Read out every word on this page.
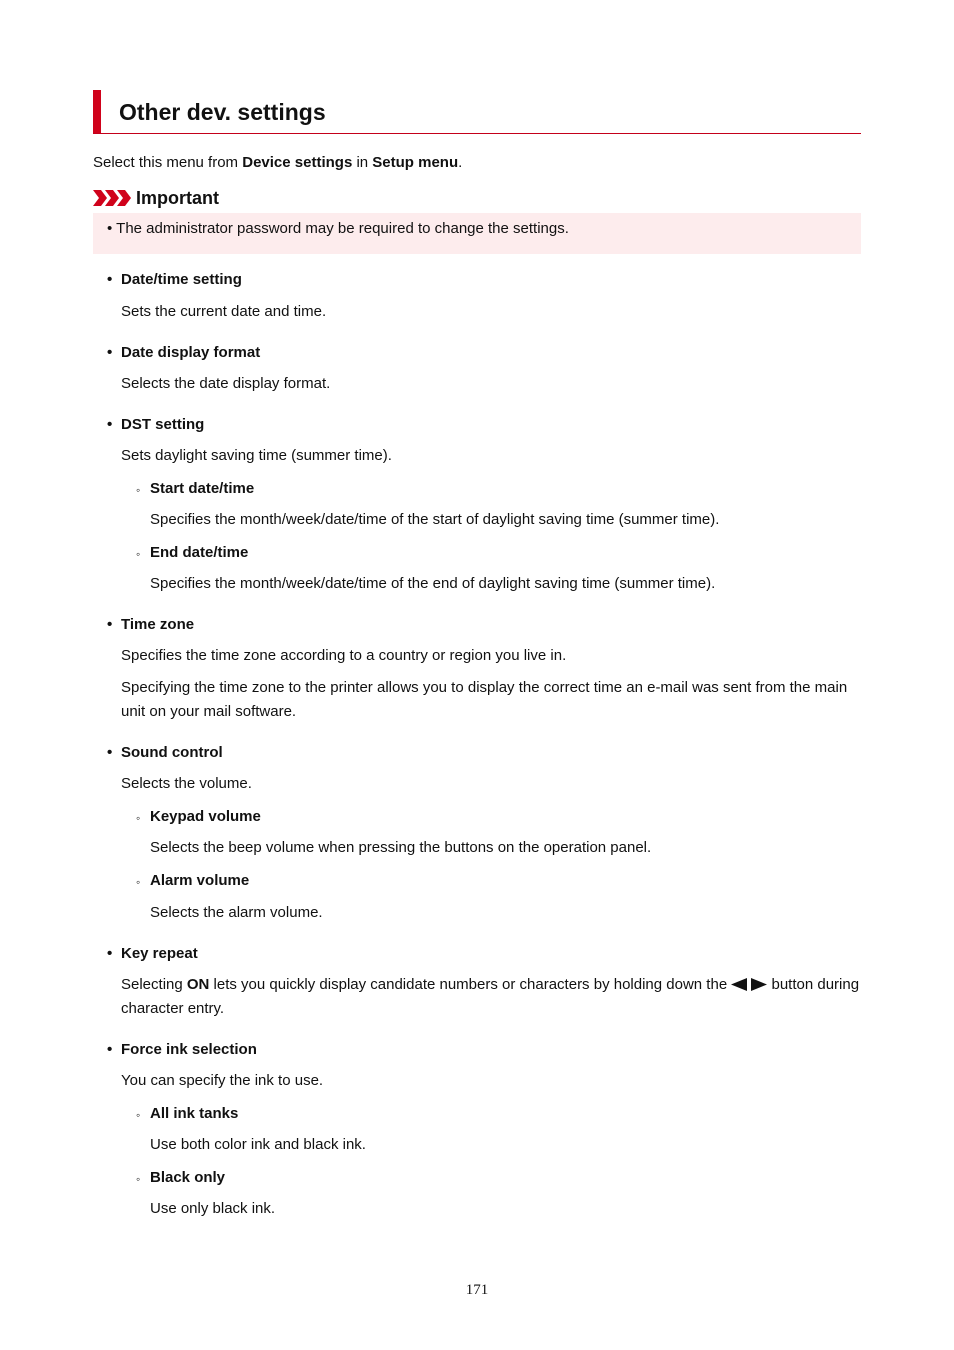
Other dev. settings

Select this menu from Device settings in Setup menu.

Important
• The administrator password may be required to change the settings.
• Date/time setting
Sets the current date and time.
• Date display format
Selects the date display format.
• DST setting
Sets daylight saving time (summer time).
◦ Start date/time
Specifies the month/week/date/time of the start of daylight saving time (summer time).
◦ End date/time
Specifies the month/week/date/time of the end of daylight saving time (summer time).
• Time zone
Specifies the time zone according to a country or region you live in.
Specifying the time zone to the printer allows you to display the correct time an e-mail was sent from the main unit on your mail software.
• Sound control
Selects the volume.
◦ Keypad volume
Selects the beep volume when pressing the buttons on the operation panel.
◦ Alarm volume
Selects the alarm volume.
• Key repeat
Selecting ON lets you quickly display candidate numbers or characters by holding down the  button during character entry.
• Force ink selection
You can specify the ink to use.
◦ All ink tanks
Use both color ink and black ink.
◦ Black only
Use only black ink.
171
